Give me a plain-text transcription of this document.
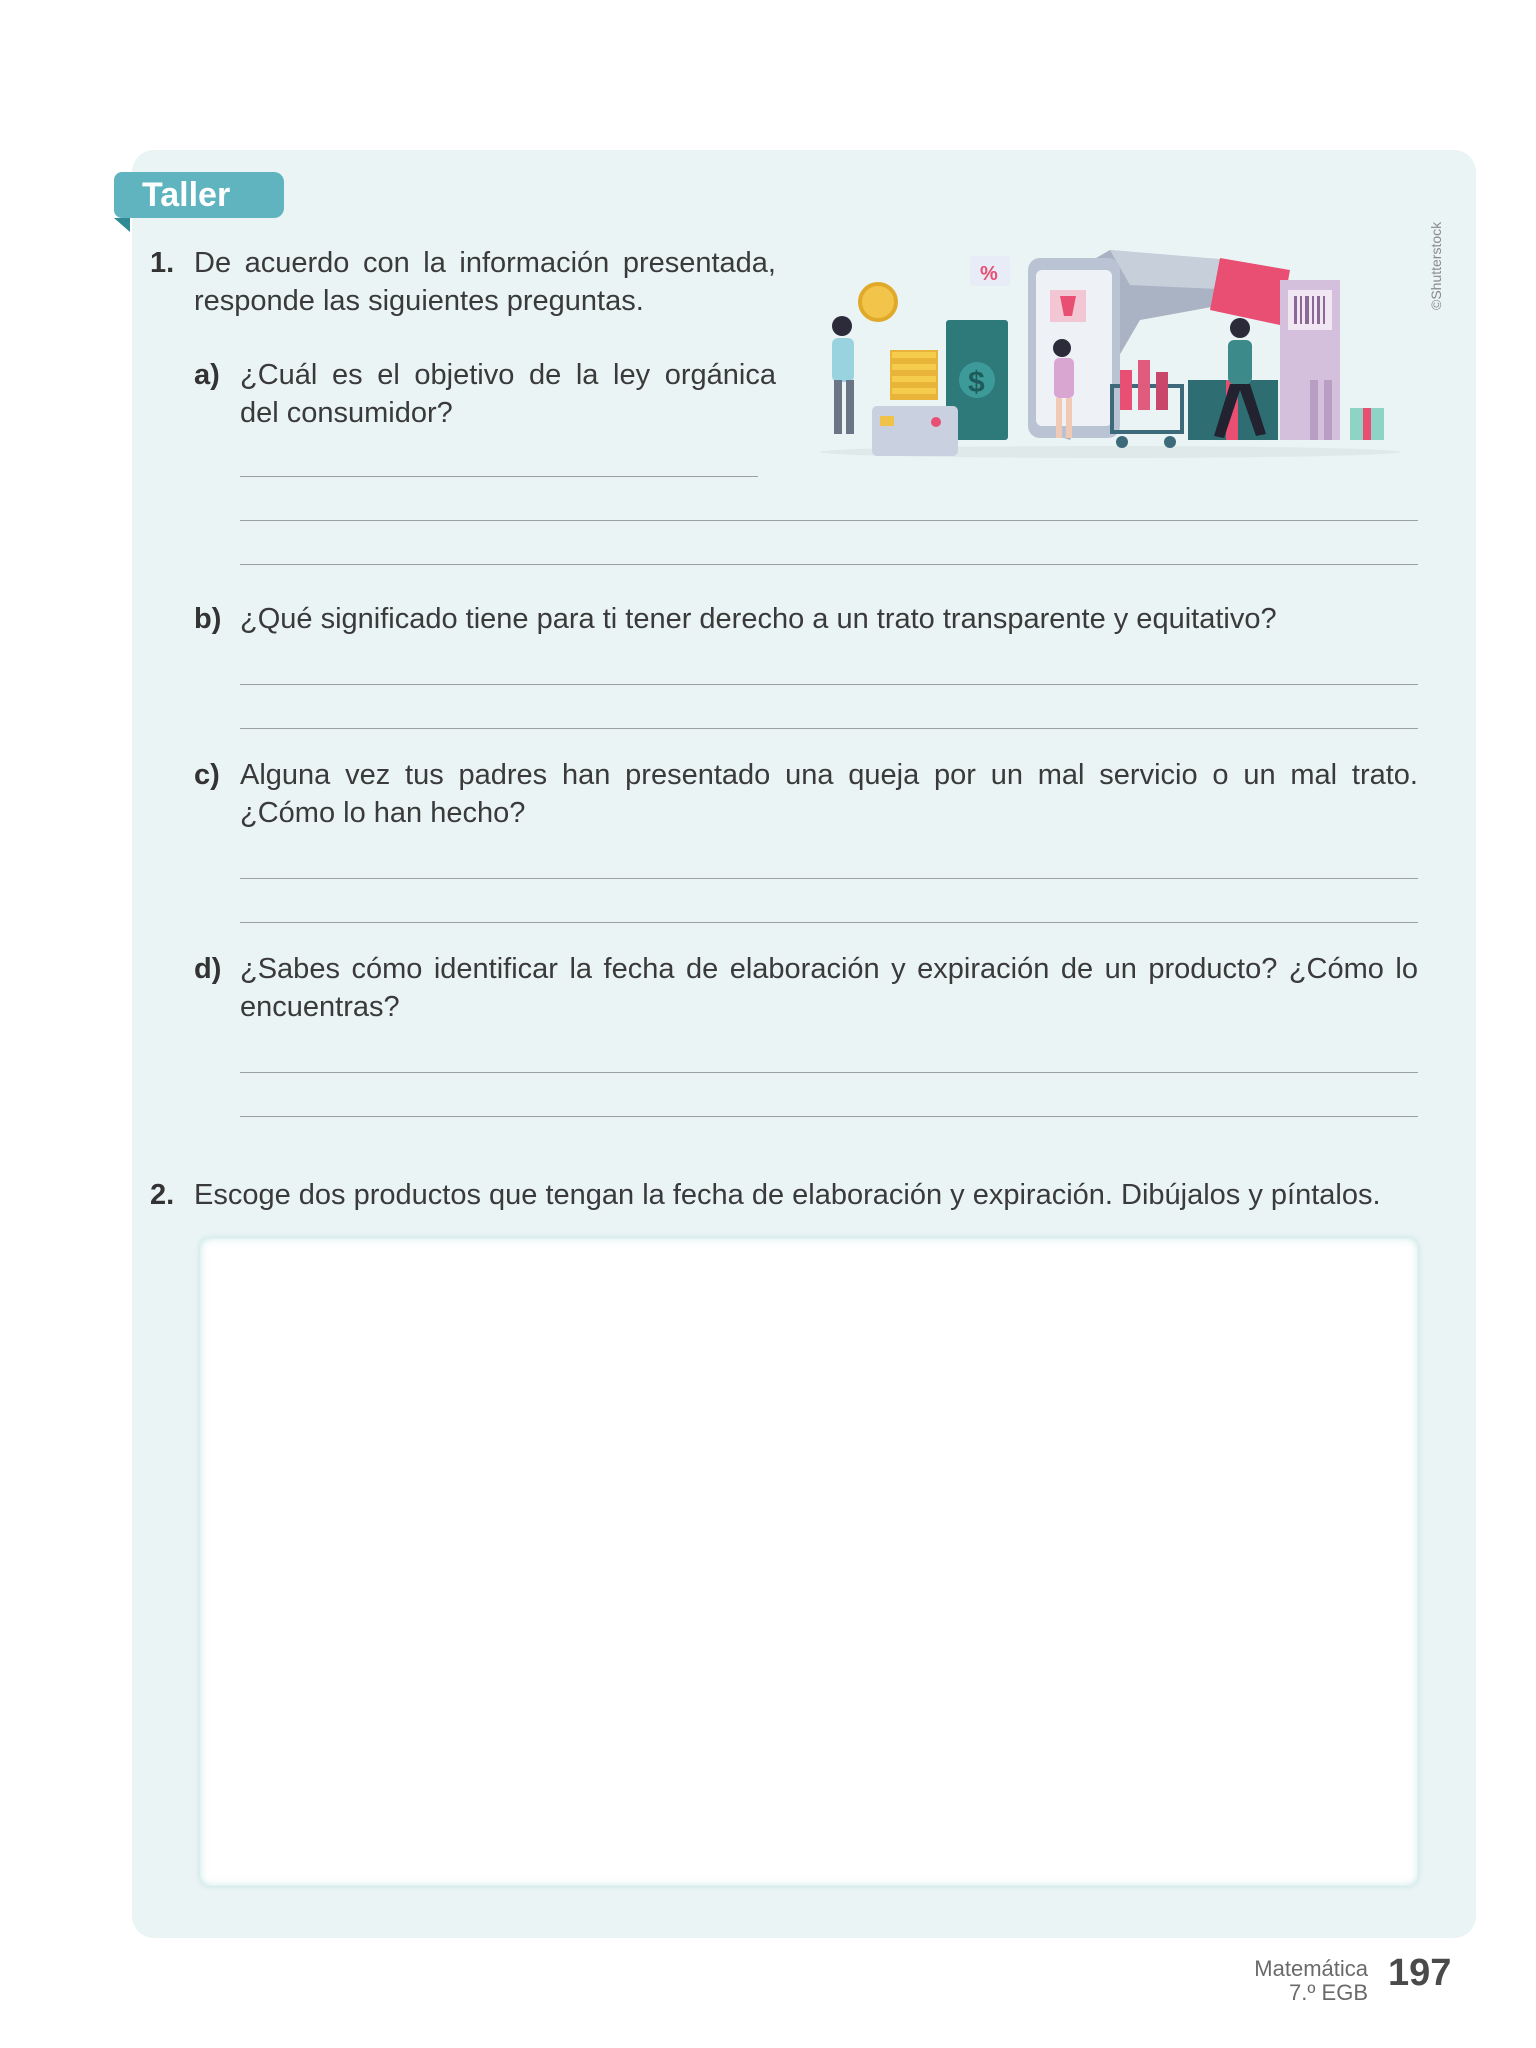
Taller
1. De acuerdo con la información presentada, responde las siguientes preguntas.
a) ¿Cuál es el objetivo de la ley orgánica del consumidor?
b) ¿Qué significado tiene para ti tener derecho a un trato transparente y equitativo?
c) Alguna vez tus padres han presentado una queja por un mal servicio o un mal trato. ¿Cómo lo han hecho?
d) ¿Sabes cómo identificar la fecha de elaboración y expiración de un producto? ¿Cómo lo encuentras?
2. Escoge dos productos que tengan la fecha de elaboración y expiración. Dibújalos y píntalos.
%
$
©Shutterstock
Matemática
7.º EGB 197
